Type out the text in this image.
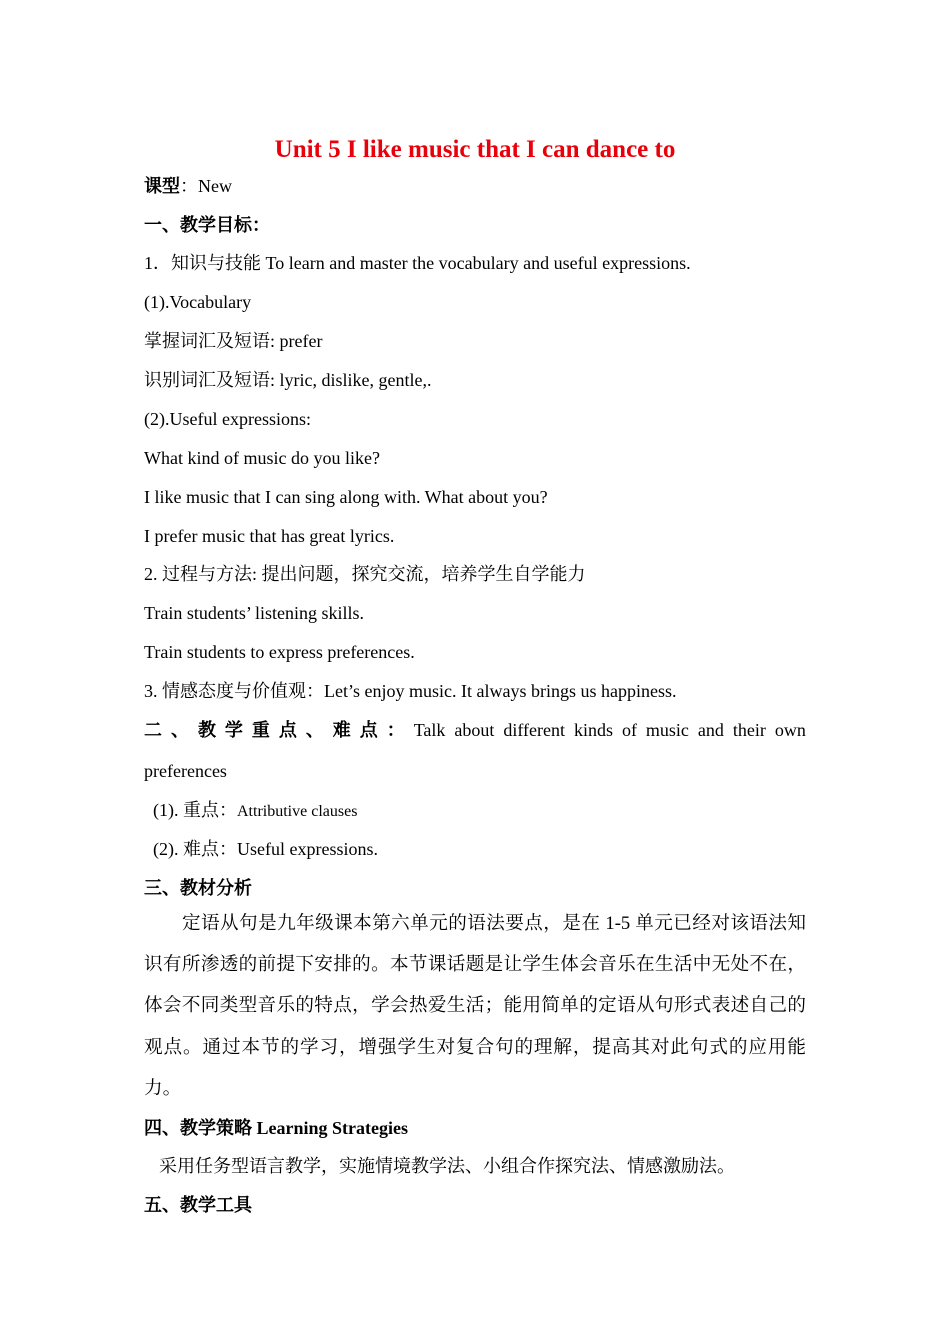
Unit 5 I like music that I can dance to
课型：New
一、教学目标：
1．知识与技能 To learn and master the vocabulary and useful expressions.
(1).Vocabulary
掌握词汇及短语: prefer
识别词汇及短语: lyric, dislike, gentle,.
(2).Useful expressions:
What kind of music do you like?
I like music that I can sing along with. What about you?
I prefer music that has great lyrics.
2. 过程与方法: 提出问题，探究交流，培养学生自学能力
Train students’ listening skills.
Train students to express preferences.
3. 情感态度与价值观：Let’s enjoy music. It always brings us happiness.
二 、 教 学 重 点 、 难 点 ： Talk about different kinds of music and their own
preferences
(1). 重点：Attributive clauses
(2). 难点：Useful expressions.
三、教材分析
定语从句是九年级课本第六单元的语法要点，是在 1-5 单元已经对该语法知识有所渗透的前提下安排的。本节课话题是让学生体会音乐在生活中无处不在，体会不同类型音乐的特点，学会热爱生活；能用简单的定语从句形式表述自己的观点。通过本节的学习，增强学生对复合句的理解，提高其对此句式的应用能力。
四、教学策略 Learning Strategies
采用任务型语言教学，实施情境教学法、小组合作探究法、情感激励法。
五、教学工具
